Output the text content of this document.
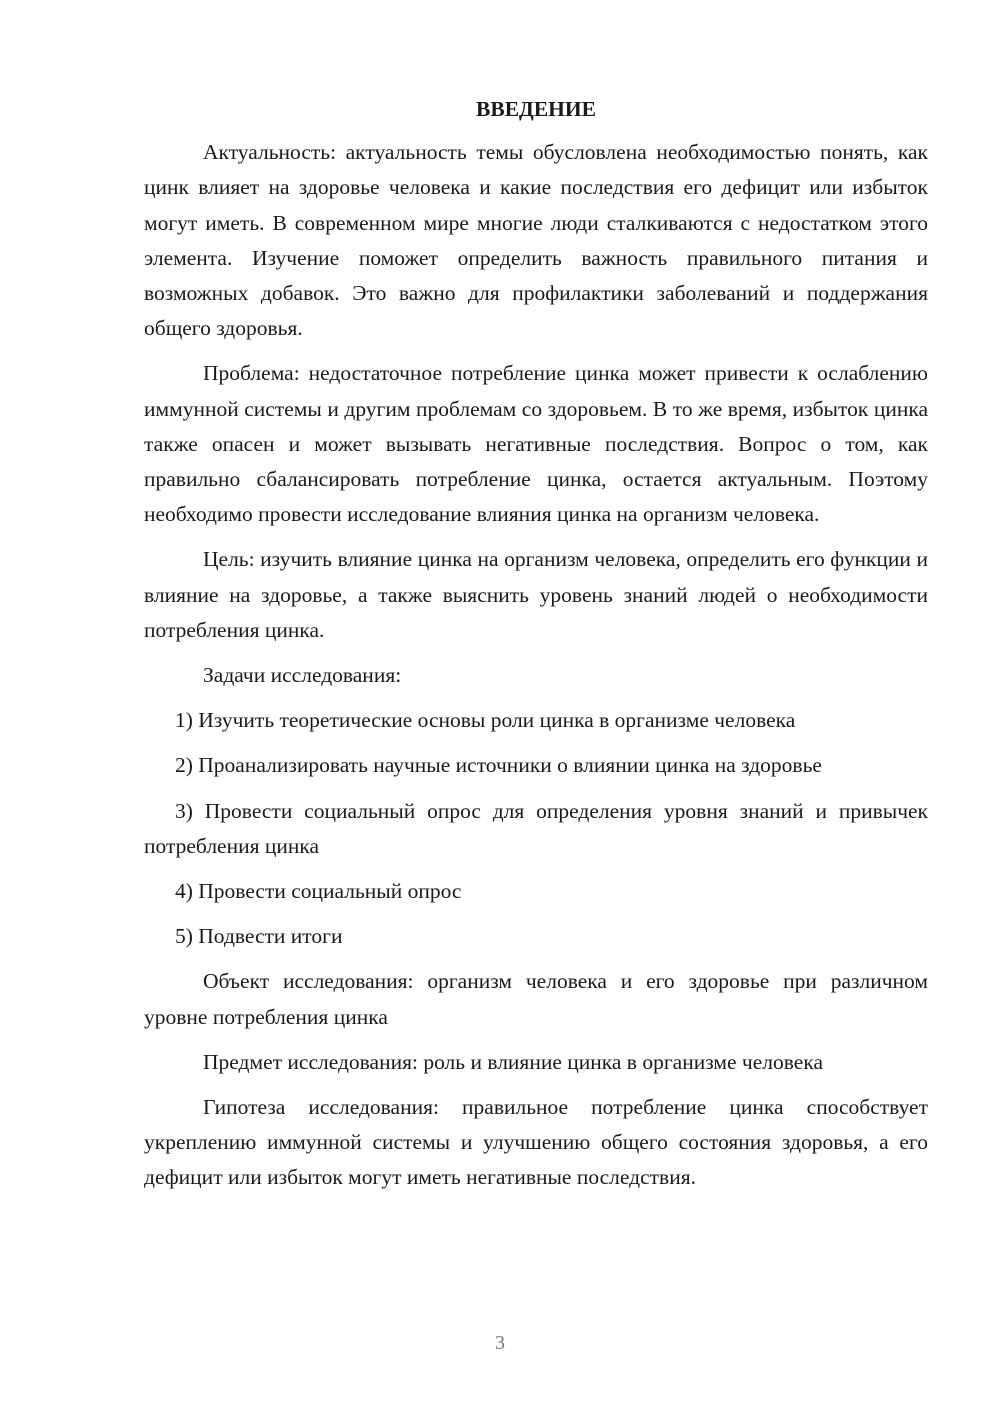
ВВЕДЕНИЕ

Актуальность: актуальность темы обусловлена необходимостью понять, как цинк влияет на здоровье человека и какие последствия его дефицит или избыток могут иметь. В современном мире многие люди сталкиваются с недостатком этого элемента. Изучение поможет определить важность правильного питания и возможных добавок. Это важно для профилактики заболеваний и поддержания общего здоровья.

Проблема: недостаточное потребление цинка может привести к ослаблению иммунной системы и другим проблемам со здоровьем. В то же время, избыток цинка также опасен и может вызывать негативные последствия. Вопрос о том, как правильно сбалансировать потребление цинка, остается актуальным. Поэтому необходимо провести исследование влияния цинка на организм человека.

Цель: изучить влияние цинка на организм человека, определить его функции и влияние на здоровье, а также выяснить уровень знаний людей о необходимости потребления цинка.

Задачи исследования:

1) Изучить теоретические основы роли цинка в организме человека

2) Проанализировать научные источники о влиянии цинка на здоровье

3) Провести социальный опрос для определения уровня знаний и привычек потребления цинка

4) Провести социальный опрос

5) Подвести итоги

Объект исследования: организм человека и его здоровье при различном уровне потребления цинка

Предмет исследования: роль и влияние цинка в организме человека

Гипотеза исследования: правильное потребление цинка способствует укреплению иммунной системы и улучшению общего состояния здоровья, а его дефицит или избыток могут иметь негативные последствия.

3
